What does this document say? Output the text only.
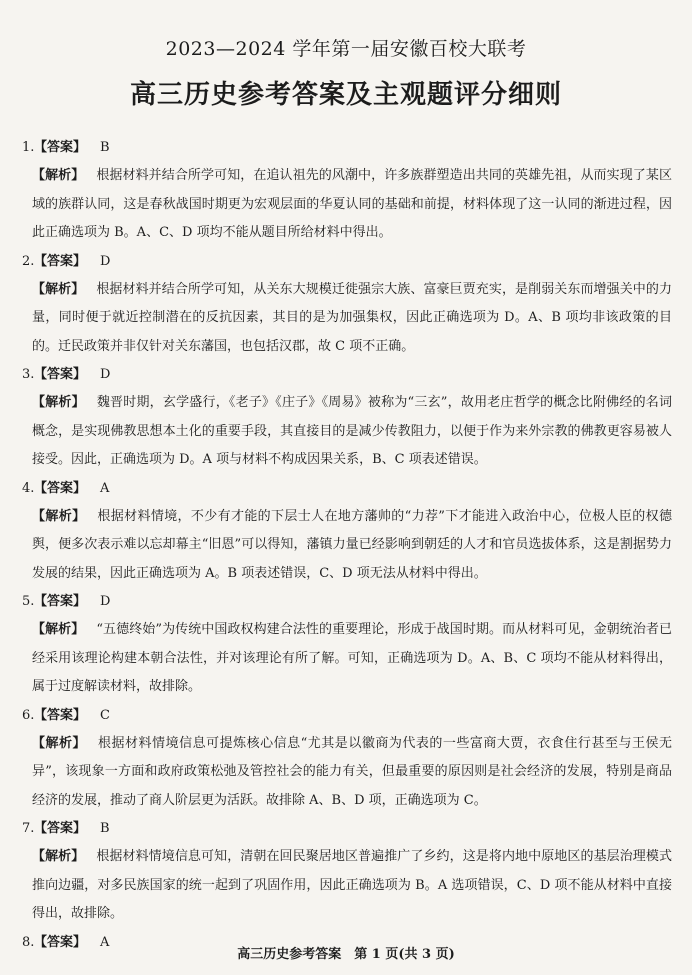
2023—2024 学年第一届安徽百校大联考
高三历史参考答案及主观题评分细则
1.【答案】 B
【解析】 根据材料并结合所学可知，在追认祖先的风潮中，许多族群塑造出共同的英雄先祖，从而实现了某区域的族群认同，这是春秋战国时期更为宏观层面的华夏认同的基础和前提，材料体现了这一认同的渐进过程，因此正确选项为 B。A、C、D 项均不能从题目所给材料中得出。
2.【答案】 D
【解析】 根据材料并结合所学可知，从关东大规模迁徙强宗大族、富豪巨贾充实，是削弱关东而增强关中的力量，同时便于就近控制潜在的反抗因素，其目的是为加强集权，因此正确选项为 D。A、B 项均非该政策的目的。迁民政策并非仅针对关东藩国，也包括汉郡，故 C 项不正确。
3.【答案】 D
【解析】 魏晋时期，玄学盛行，《老子》《庄子》《周易》被称为“三玄”，故用老庄哲学的概念比附佛经的名词概念，是实现佛教思想本土化的重要手段，其直接目的是减少传教阻力，以便于作为来外宗教的佛教更容易被人接受。因此，正确选项为 D。A 项与材料不构成因果关系，B、C 项表述错误。
4.【答案】 A
【解析】 根据材料情境，不少有才能的下层士人在地方藩帅的“力荐”下才能进入政治中心，位极人臣的权德舆，便多次表示难以忘却幕主“旧恩”可以得知，藩镇力量已经影响到朝廷的人才和官员选拔体系，这是割据势力发展的结果，因此正确选项为 A。B 项表述错误，C、D 项无法从材料中得出。
5.【答案】 D
【解析】 “五德终始”为传统中国政权构建合法性的重要理论，形成于战国时期。而从材料可见，金朝统治者已经采用该理论构建本朝合法性，并对该理论有所了解。可知，正确选项为 D。A、B、C 项均不能从材料得出，属于过度解读材料，故排除。
6.【答案】 C
【解析】 根据材料情境信息可提炼核心信息“尤其是以徽商为代表的一些富商大贾，衣食住行甚至与王侯无异”，该现象一方面和政府政策松弛及管控社会的能力有关，但最重要的原因则是社会经济的发展，特别是商品经济的发展，推动了商人阶层更为活跃。故排除 A、B、D 项，正确选项为 C。
7.【答案】 B
【解析】 根据材料情境信息可知，清朝在回民聚居地区普遍推广了乡约，这是将内地中原地区的基层治理模式推向边疆，对多民族国家的统一起到了巩固作用，因此正确选项为 B。A 选项错误，C、D 项不能从材料中直接得出，故排除。
8.【答案】 A
高三历史参考答案　第 1 页(共 3 页)
